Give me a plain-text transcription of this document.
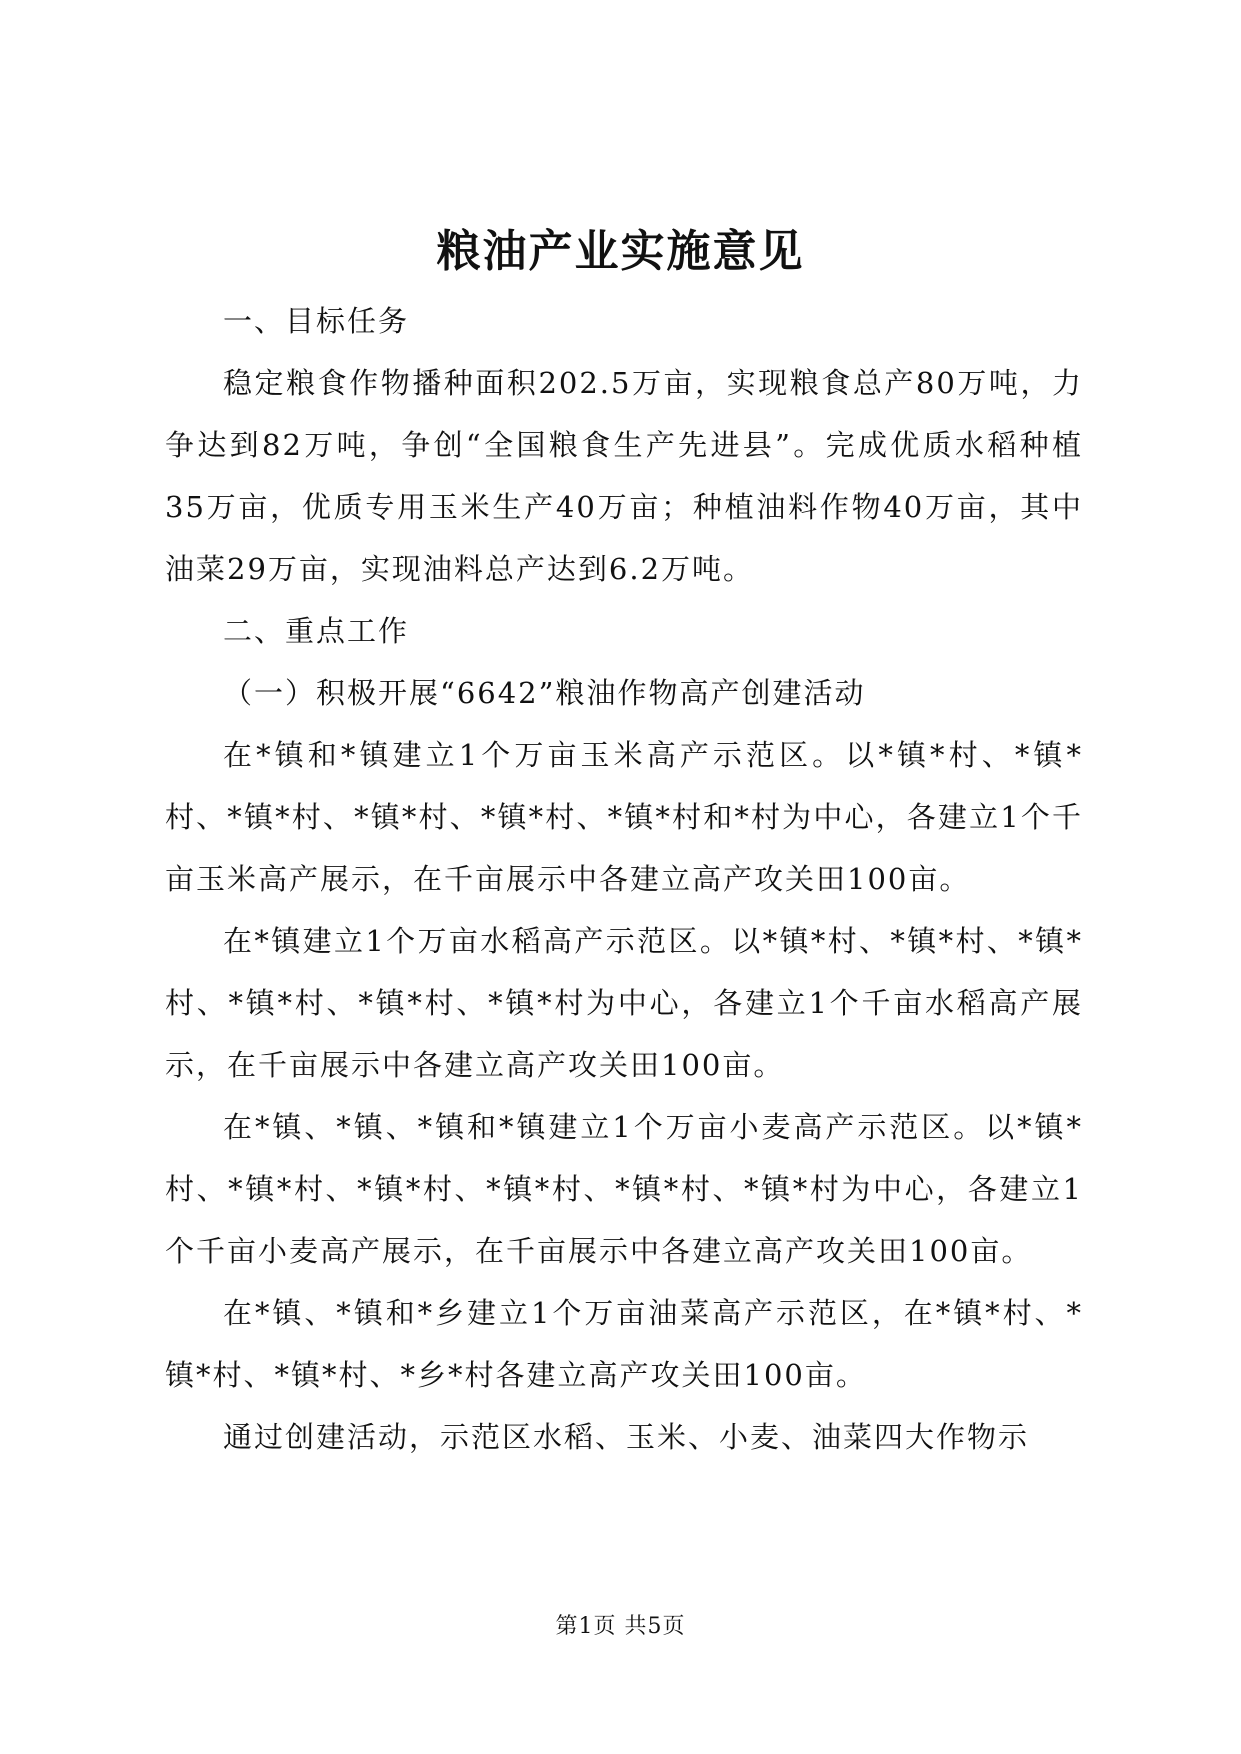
粮油产业实施意见

一、目标任务

稳定粮食作物播种面积202.5万亩，实现粮食总产80万吨，力争达到82万吨，争创“全国粮食生产先进县”。完成优质水稻种植35万亩，优质专用玉米生产40万亩；种植油料作物40万亩，其中油菜29万亩，实现油料总产达到6.2万吨。

二、重点工作

（一）积极开展“6642”粮油作物高产创建活动

在*镇和*镇建立1个万亩玉米高产示范区。以*镇*村、*镇*村、*镇*村、*镇*村、*镇*村、*镇*村和*村为中心，各建立1个千亩玉米高产展示，在千亩展示中各建立高产攻关田100亩。

在*镇建立1个万亩水稻高产示范区。以*镇*村、*镇*村、*镇*村、*镇*村、*镇*村、*镇*村为中心，各建立1个千亩水稻高产展示，在千亩展示中各建立高产攻关田100亩。

在*镇、*镇、*镇和*镇建立1个万亩小麦高产示范区。以*镇*村、*镇*村、*镇*村、*镇*村、*镇*村、*镇*村为中心，各建立1个千亩小麦高产展示，在千亩展示中各建立高产攻关田100亩。

在*镇、*镇和*乡建立1个万亩油菜高产示范区，在*镇*村、*镇*村、*镇*村、*乡*村各建立高产攻关田100亩。

通过创建活动，示范区水稻、玉米、小麦、油菜四大作物示

第1页 共5页
